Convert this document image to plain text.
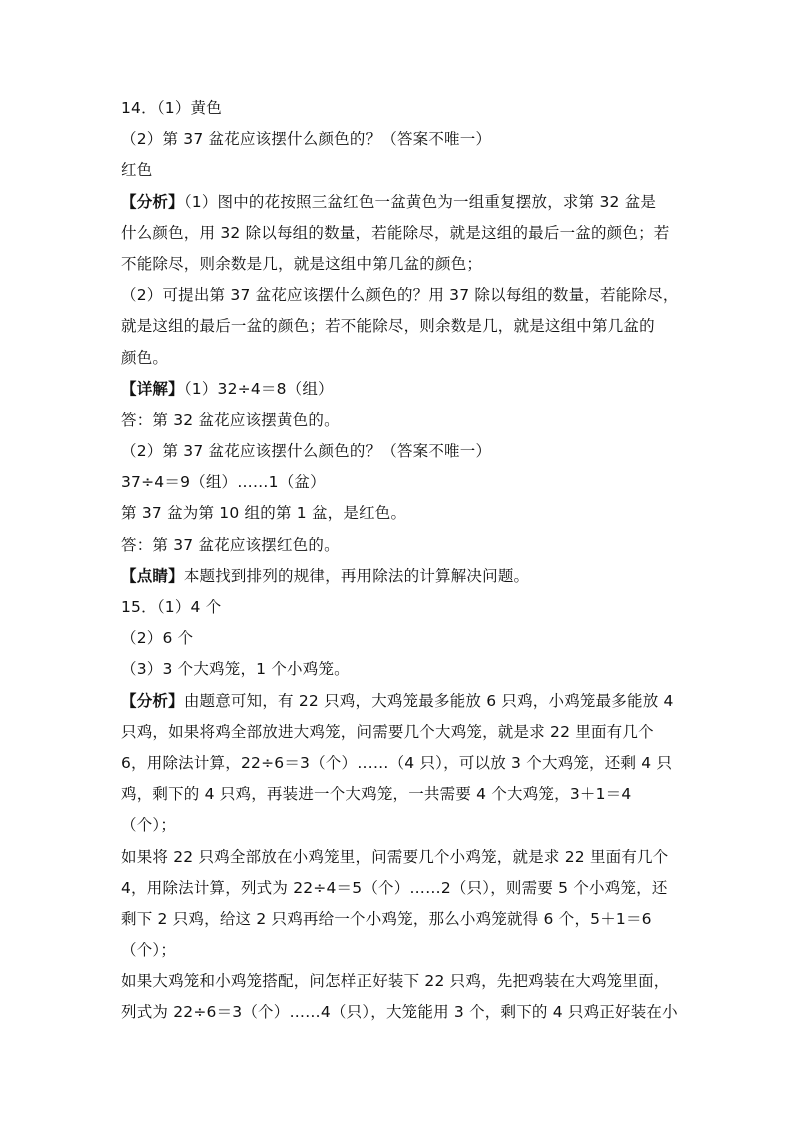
14．（1）黄色
（2）第 37 盆花应该摆什么颜色的？（答案不唯一）
红色
【分析】（1）图中的花按照三盆红色一盆黄色为一组重复摆放，求第 32 盆是
什么颜色，用 32 除以每组的数量，若能除尽，就是这组的最后一盆的颜色；若
不能除尽，则余数是几，就是这组中第几盆的颜色；
（2）可提出第 37 盆花应该摆什么颜色的？用 37 除以每组的数量，若能除尽，
就是这组的最后一盆的颜色；若不能除尽，则余数是几，就是这组中第几盆的
颜色。
【详解】（1）32÷4＝8（组）
答：第 32 盆花应该摆黄色的。
（2）第 37 盆花应该摆什么颜色的？（答案不唯一）
37÷4＝9（组）……1（盆）
第 37 盆为第 10 组的第 1 盆，是红色。
答：第 37 盆花应该摆红色的。
【点睛】本题找到排列的规律，再用除法的计算解决问题。
15．（1）4 个
（2）6 个
（3）3 个大鸡笼，1 个小鸡笼。
【分析】由题意可知，有 22 只鸡，大鸡笼最多能放 6 只鸡，小鸡笼最多能放 4
只鸡，如果将鸡全部放进大鸡笼，问需要几个大鸡笼，就是求 22 里面有几个
6，用除法计算，22÷6＝3（个）……（4 只），可以放 3 个大鸡笼，还剩 4 只
鸡，剩下的 4 只鸡，再装进一个大鸡笼，一共需要 4 个大鸡笼，3＋1＝4
（个）；
如果将 22 只鸡全部放在小鸡笼里，问需要几个小鸡笼，就是求 22 里面有几个
4，用除法计算，列式为 22÷4＝5（个）……2（只），则需要 5 个小鸡笼，还
剩下 2 只鸡，给这 2 只鸡再给一个小鸡笼，那么小鸡笼就得 6 个，5＋1＝6
（个）；
如果大鸡笼和小鸡笼搭配，问怎样正好装下 22 只鸡，先把鸡装在大鸡笼里面，
列式为 22÷6＝3（个）……4（只），大笼能用 3 个，剩下的 4 只鸡正好装在小
